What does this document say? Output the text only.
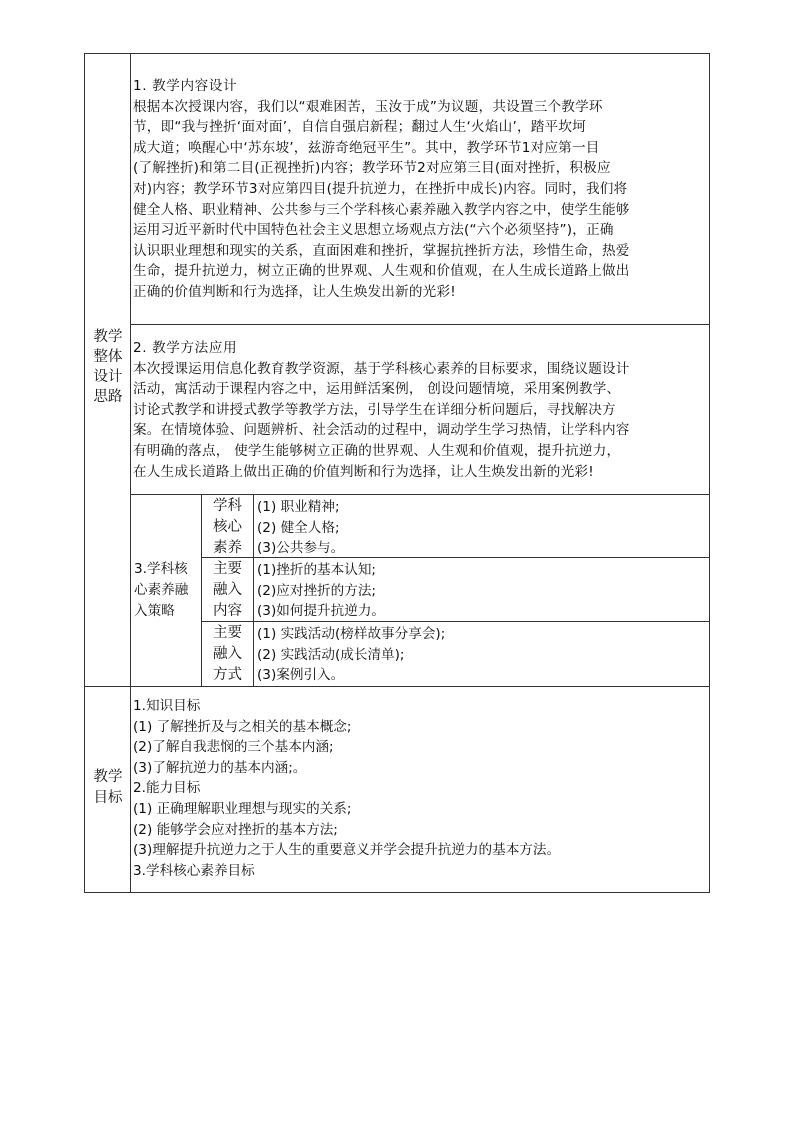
教学
整体
设计
思路
1. 教学内容设计
根据本次授课内容，我们以“艰难困苦，玉汝于成”为议题，共设置三个教学环
节，即“我与挫折‘面对面’，自信自强启新程；翻过人生‘火焰山’，踏平坎坷
成大道；唤醒心中‘苏东坡’，兹游奇绝冠平生”。其中，教学环节1对应第一目
(了解挫折)和第二目(正视挫折)内容；教学环节2对应第三目(面对挫折，积极应
对)内容；教学环节3对应第四目(提升抗逆力，在挫折中成长)内容。同时，我们将
健全人格、职业精神、公共参与三个学科核心素养融入教学内容之中，使学生能够
运用习近平新时代中国特色社会主义思想立场观点方法(“六个必须坚持”)，正确
认识职业理想和现实的关系，直面困难和挫折，掌握抗挫折方法，珍惜生命，热爱
生命，提升抗逆力，树立正确的世界观、人生观和价值观，在人生成长道路上做出
正确的价值判断和行为选择，让人生焕发出新的光彩!
2. 教学方法应用
本次授课运用信息化教育教学资源，基于学科核心素养的目标要求，围绕议题设计
活动，寓活动于课程内容之中，运用鲜活案例， 创设问题情境，采用案例教学、
讨论式教学和讲授式教学等教学方法，引导学生在详细分析问题后，寻找解决方
案。在情境体验、问题辨析、社会活动的过程中，调动学生学习热情，让学科内容
有明确的落点， 使学生能够树立正确的世界观、人生观和价值观，提升抗逆力，
在人生成长道路上做出正确的价值判断和行为选择，让人生焕发出新的光彩!
3.学科核
心素养融
入策略
学科
核心
素养
(1) 职业精神;
(2) 健全人格;
(3)公共参与。
主要
融入
内容
(1)挫折的基本认知;
(2)应对挫折的方法;
(3)如何提升抗逆力。
主要
融入
方式
(1) 实践活动(榜样故事分享会);
(2) 实践活动(成长清单);
(3)案例引入。
教学
目标
1.知识目标
(1) 了解挫折及与之相关的基本概念;
(2)了解自我悲悯的三个基本内涵;
(3)了解抗逆力的基本内涵;。
2.能力目标
(1) 正确理解职业理想与现实的关系;
(2) 能够学会应对挫折的基本方法;
(3)理解提升抗逆力之于人生的重要意义并学会提升抗逆力的基本方法。
3.学科核心素养目标
